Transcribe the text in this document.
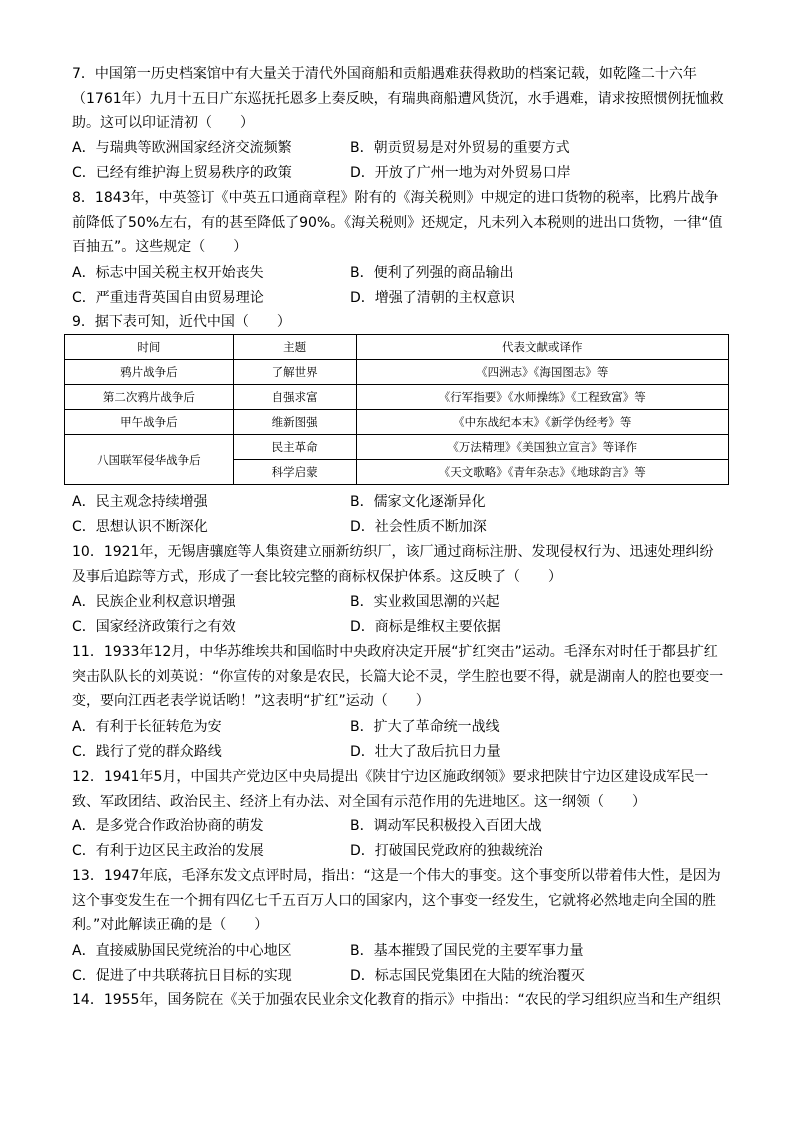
7．中国第一历史档案馆中有大量关于清代外国商船和贡船遇难获得救助的档案记载，如乾隆二十六年（1761年）九月十五日广东巡抚托恩多上奏反映，有瑞典商船遭风货沉，水手遇难，请求按照惯例抚恤救助。这可以印证清初（　　）

A．与瑞典等欧洲国家经济交流频繁	B．朝贡贸易是对外贸易的重要方式
C．已经有维护海上贸易秩序的政策	D．开放了广州一地为对外贸易口岸

8．1843年，中英签订《中英五口通商章程》附有的《海关税则》中规定的进口货物的税率，比鸦片战争前降低了50%左右，有的甚至降低了90%。《海关税则》还规定，凡未列入本税则的进出口货物，一律“值百抽五”。这些规定（　　）

A．标志中国关税主权开始丧失	B．便利了列强的商品输出
C．严重违背英国自由贸易理论	D．增强了清朝的主权意识

9．据下表可知，近代中国（　　）

时间	主题	代表文献或译作
鸦片战争后	了解世界	《四洲志》《海国图志》等
第二次鸦片战争后	自强求富	《行军指要》《水师操练》《工程致富》等
甲午战争后	维新图强	《中东战纪本末》《新学伪经考》等
八国联军侵华战争后	民主革命	《万法精理》《美国独立宣言》等译作
	科学启蒙	《天文歌略》《青年杂志》《地球韵言》等
A．民主观念持续增强	B．儒家文化逐渐异化
C．思想认识不断深化	D．社会性质不断加深

10．1921年，无锡唐骧庭等人集资建立丽新纺织厂，该厂通过商标注册、发现侵权行为、迅速处理纠纷及事后追踪等方式，形成了一套比较完整的商标权保护体系。这反映了（　　）

A．民族企业利权意识增强	B．实业救国思潮的兴起
C．国家经济政策行之有效	D．商标是维权主要依据

11．1933年12月，中华苏维埃共和国临时中央政府决定开展“扩红突击”运动。毛泽东对时任于都县扩红突击队队长的刘英说：“你宣传的对象是农民，长篇大论不灵，学生腔也要不得，就是湖南人的腔也要变一变，要向江西老表学说话哟！”这表明“扩红”运动（　　）

A．有利于长征转危为安	B．扩大了革命统一战线
C．践行了党的群众路线	D．壮大了敌后抗日力量

12．1941年5月，中国共产党边区中央局提出《陕甘宁边区施政纲领》要求把陕甘宁边区建设成军民一致、军政团结、政治民主、经济上有办法、对全国有示范作用的先进地区。这一纲领（　　）

A．是多党合作政治协商的萌发	B．调动军民积极投入百团大战
C．有利于边区民主政治的发展	D．打破国民党政府的独裁统治

13．1947年底，毛泽东发文点评时局，指出：“这是一个伟大的事变。这个事变所以带着伟大性，是因为这个事变发生在一个拥有四亿七千五百万人口的国家内，这个事变一经发生，它就将必然地走向全国的胜利。”对此解读正确的是（　　）

A．直接威胁国民党统治的中心地区	B．基本摧毁了国民党的主要军事力量
C．促进了中共联蒋抗日目标的实现	D．标志国民党集团在大陆的统治覆灭

14．1955年，国务院在《关于加强农民业余文化教育的指示》中指出：“农民的学习组织应当和生产组织
